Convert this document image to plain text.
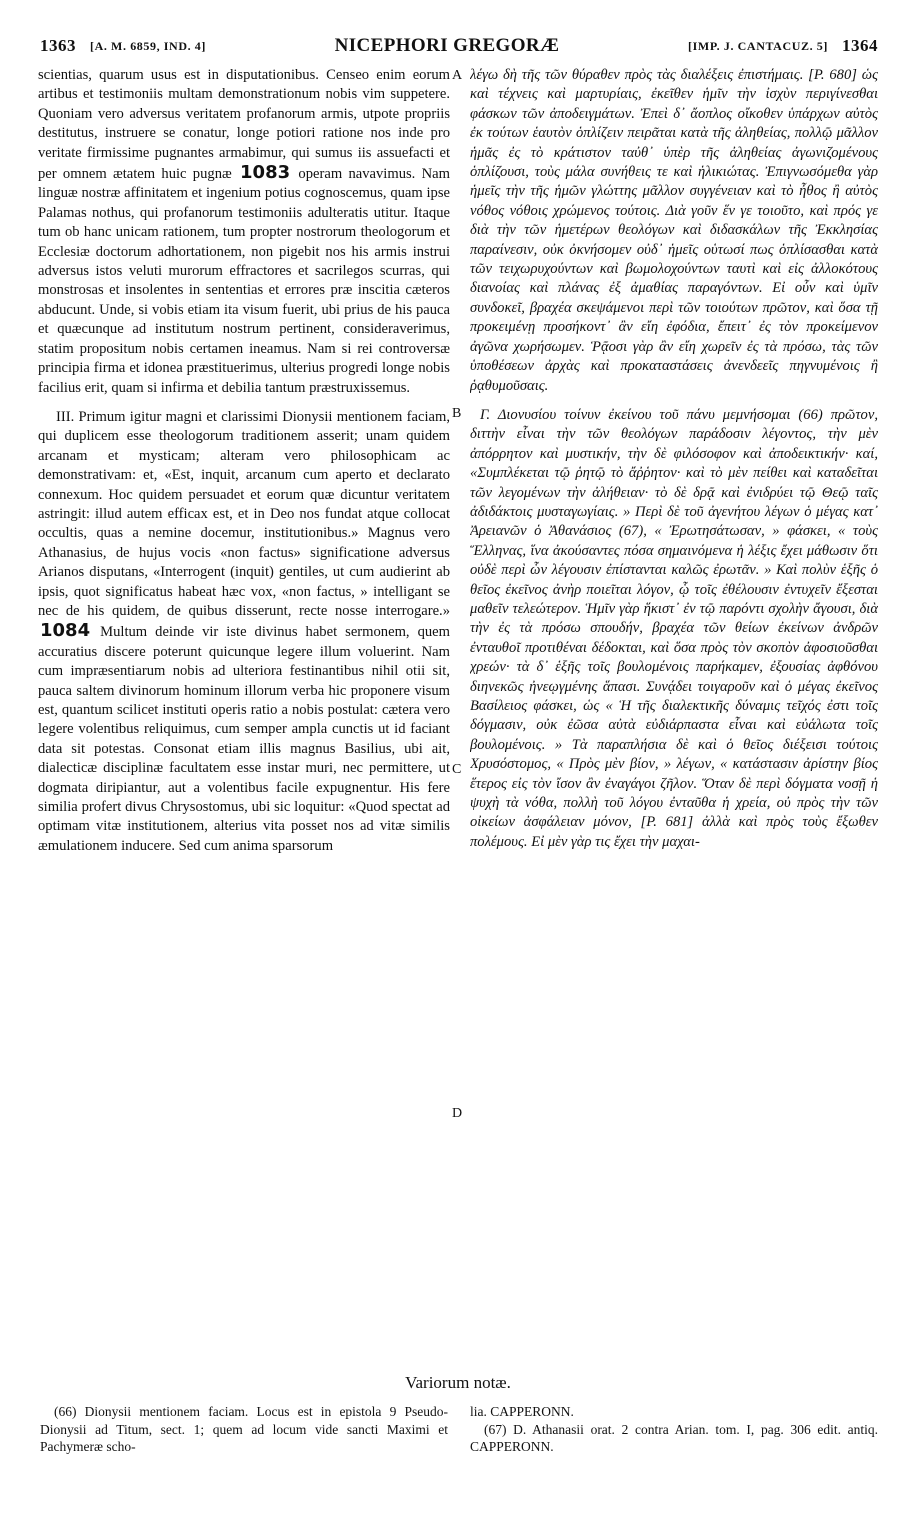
1363 [A. M. 6859, IND. 4]	NICEPHORI GREGORÆ	[IMP. J. CANTACUZ. 5] 1364

scientias, quarum usus est in disputationibus. Censeo enim eorum artibus et testimoniis multam demonstrationum nobis vim suppetere. Quoniam vero adversus veritatem profanorum armis, utpote propriis destitutus, instruere se conatur, longe potiori ratione nos inde pro veritate firmissime pugnantes armabimur, qui sumus iis assuefacti et per omnem ætatem huic pugnæ 1083 operam navavimus. Nam linguæ nostræ affinitatem et ingenium potius cognoscemus, quam ipse Palamas nothus, qui profanorum testimoniis adulteratis utitur. Itaque tum ob hanc unicam rationem, tum propter nostrorum theologorum et Ecclesiæ doctorum adhortationem, non pigebit nos his armis instrui adversus istos veluti murorum effractores et sacrilegos scurras, qui monstrosas et insolentes in sententias et errores præ inscitia cæteros abducunt. Unde, si vobis etiam ita visum fuerit, ubi prius de his pauca et quæcunque ad institutum nostrum pertinent, consideraverimus, statim propositum nobis certamen ineamus. Nam si rei controversæ principia firma et idonea præstituerimus, ulterius progredi longe nobis facilius erit, quam si infirma et debilia tantum præstruxissemus.

III. Primum igitur magni et clarissimi Dionysii mentionem faciam, qui duplicem esse theologorum traditionem asserit; unam quidem arcanam et mysticam; alteram vero philosophicam ac demonstrativam: et, «Est, inquit, arcanum cum aperto et declarato connexum. Hoc quidem persuadet et eorum quæ dicuntur veritatem astringit: illud autem efficax est, et in Deo nos fundat atque collocat occultis, quas a nemine docemur, institutionibus.» Magnus vero Athanasius, de hujus vocis «non factus» significatione adversus Arianos disputans, «Interrogent (inquit) gentiles, ut cum audierint ab ipsis, quot significatus habeat hæc vox, «non factus, » intelligant se nec de his quidem, de quibus disserunt, recte nosse interrogare.» 1084 Multum deinde vir iste divinus habet sermonem, quem accuratius discere poterunt quicunque legere illum voluerint. Nam cum impræsentiarum nobis ad ulteriora festinantibus nihil otii sit, pauca saltem divinorum hominum illorum verba hic proponere visum est, quantum scilicet instituti operis ratio a nobis postulat: cætera vero legere volentibus reliquimus, cum semper ampla cunctis ut id faciant data sit potestas. Consonat etiam illis magnus Basilius, ubi ait, dialecticæ disciplinæ facultatem esse instar muri, nec permittere, ut dogmata diripiantur, aut a volentibus facile expugnentur. His fere similia profert divus Chrysostomus, ubi sic loquitur: «Quod spectat ad optimam vitæ institutionem, alterius vita posset nos ad vitæ similis æmulationem inducere. Sed cum anima sparsorum

A
B
C
D

λέγω δὴ τῆς τῶν θύραθεν πρὸς τὰς διαλέξεις ἐπιστήμαις. [P. 680] ὡς καὶ τέχνεις καὶ μαρτυρίαις, ἐκεῖθεν ἡμῖν τὴν ἰσχὺν περιγίνεσθαι φάσκων τῶν ἀποδειγμάτων. Ἐπεὶ δ᾽ ἄοπλος οἴκοθεν ὑπάρχων αὐτὸς ἐκ τούτων ἑαυτὸν ὁπλίζειν πειρᾶται κατὰ τῆς ἀληθείας, πολλῷ μᾶλλον ἡμᾶς ἐς τὸ κράτιστον ταὐθ᾽ ὑπὲρ τῆς ἀληθείας ἀγωνιζομένους ὁπλίζουσι, τοὺς μάλα συνήθεις τε καὶ ἡλικιώτας. Ἐπιγνωσόμεθα γὰρ ἡμεῖς τὴν τῆς ἡμῶν γλώττης μᾶλλον συγγένειαν καὶ τὸ ἦθος ἢ αὐτὸς νόθος νόθοις χρώμενος τούτοις. Διὰ γοῦν ἕν γε τοιοῦτο, καὶ πρός γε διὰ τὴν τῶν ἡμετέρων θεολόγων καὶ διδασκάλων τῆς Ἐκκλησίας παραίνεσιν, οὐκ ὀκνήσομεν οὐδ᾽ ἡμεῖς οὑτωσί πως ὁπλίσασθαι κατὰ τῶν τειχωρυχούντων καὶ βωμολοχούντων ταυτὶ καὶ εἰς ἀλλοκότους διανοίας καὶ πλάνας ἐξ ἀμαθίας παραγόντων. Εἰ οὖν καὶ ὑμῖν συνδοκεῖ, βραχέα σκεψάμενοι περὶ τῶν τοιούτων πρῶτον, καὶ ὅσα τῇ προκειμένῃ προσήκοντ᾽ ἂν εἴη ἐφόδια, ἔπειτ᾽ ἐς τὸν προκείμενον ἀγῶνα χωρήσωμεν. Ῥᾷοσι γὰρ ἂν εἴη χωρεῖν ἐς τὰ πρόσω, τὰς τῶν ὑποθέσεων ἀρχὰς καὶ προκαταστάσεις ἀνενδεεῖς πηγνυμένοις ἢ ῥᾳθυμοῦσαις.

Γ. Διονυσίου τοίνυν ἐκείνου τοῦ πάνυ μεμνήσομαι (66) πρῶτον, διττὴν εἶναι τὴν τῶν θεολόγων παράδοσιν λέγοντος, τὴν μὲν ἀπόρρητον καὶ μυστικήν, τὴν δὲ φιλόσοφον καὶ ἀποδεικτικήν· καί, «Συμπλέκεται τῷ ῥητῷ τὸ ἄῤῥητον· καὶ τὸ μὲν πείθει καὶ καταδεῖται τῶν λεγομένων τὴν ἀλήθειαν· τὸ δὲ δρᾷ καὶ ἐνιδρύει τῷ Θεῷ ταῖς ἀδιδάκτοις μυσταγωγίαις. » Περὶ δὲ τοῦ ἀγενήτου λέγων ὁ μέγας κατ᾽ Ἀρειανῶν ὁ Ἀθανάσιος (67), « Ἐρωτησάτωσαν, » φάσκει, « τοὺς Ἕλληνας, ἵνα ἀκούσαντες πόσα σημαινόμενα ἡ λέξις ἔχει μάθωσιν ὅτι οὐδὲ περὶ ὧν λέγουσιν ἐπίστανται καλῶς ἐρωτᾶν. » Καὶ πολὺν ἑξῆς ὁ θεῖος ἐκεῖνος ἀνὴρ ποιεῖται λόγον, ᾧ τοῖς ἐθέλουσιν ἐντυχεῖν ἔξεσται μαθεῖν τελεώτερον. Ἡμῖν γὰρ ἥκιστ᾽ ἐν τῷ παρόντι σχολὴν ἄγουσι, διὰ τὴν ἐς τὰ πρόσω σπουδήν, βραχέα τῶν θείων ἐκείνων ἀνδρῶν ἐνταυθοῖ προτιθέναι δέδοκται, καὶ ὅσα πρὸς τὸν σκοπὸν ἀφοσιοῦσθαι χρεών· τὰ δ᾽ ἑξῆς τοῖς βουλομένοις παρήκαμεν, ἐξουσίας ἀφθόνου διηνεκῶς ἠνεῳγμένης ἅπασι. Συνᾴδει τοιγαροῦν καὶ ὁ μέγας ἐκεῖνος Βασίλειος φάσκει, ὡς « Ἡ τῆς διαλεκτικῆς δύναμις τεῖχός ἐστι τοῖς δόγμασιν, οὐκ ἐῶσα αὐτὰ εὐδιάρπαστα εἶναι καὶ εὐάλωτα τοῖς βουλομένοις. » Τὰ παραπλήσια δὲ καὶ ὁ θεῖος διέξεισι τούτοις Χρυσόστομος, « Πρὸς μὲν βίον, » λέγων, « κατάστασιν ἀρίστην βίος ἕτερος εἰς τὸν ἴσον ἂν ἐναγάγοι ζῆλον. Ὅταν δὲ περὶ δόγματα νοσῇ ἡ ψυχὴ τὰ νόθα, πολλὴ τοῦ λόγου ἐνταῦθα ἡ χρεία, οὐ πρὸς τὴν τῶν οἰκείων ἀσφάλειαν μόνον, [P. 681] ἀλλὰ καὶ πρὸς τοὺς ἔξωθεν πολέμους. Εἰ μὲν γὰρ τις ἔχει τὴν μαχαι-

Variorum notæ.

(66) Dionysii mentionem faciam. Locus est in epistola 9 Pseudo-Dionysii ad Titum, sect. 1; quem ad locum vide sancti Maximi et Pachymeræ scho-

lia. CAPPERONN.

(67) D. Athanasii orat. 2 contra Arian. tom. I, pag. 306 edit. antiq. CAPPERONN.
